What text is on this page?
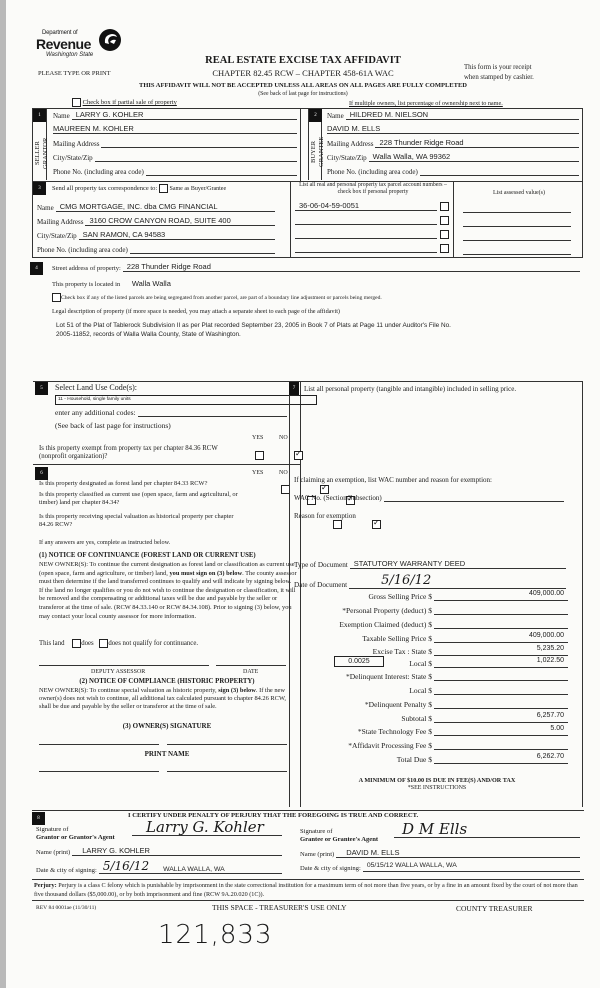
Department of
Revenue
Washington State
PLEASE TYPE OR PRINT
REAL ESTATE EXCISE TAX AFFIDAVIT
CHAPTER 82.45 RCW – CHAPTER 458-61A WAC
This form is your receipt
when stamped by cashier.
THIS AFFIDAVIT WILL NOT BE ACCEPTED UNLESS ALL AREAS ON ALL PAGES ARE FULLY COMPLETED
(See back of last page for instructions)
Check box if partial sale of property	If multiple owners, list percentage of ownership next to name.
1
SELLER
GRANTOR
Name LARRY G. KOHLER
MAUREEN M. KOHLER
Mailing Address
City/State/Zip
Phone No. (including area code)
2
BUYER
GRANTEE
Name HILDRED M. NIELSON
DAVID M. ELLS
Mailing Address 228 Thunder Ridge Road
City/State/Zip Walla Walla, WA 99362
Phone No. (including area code)
3	Send all property tax correspondence to: Same as Buyer/Grantee
Name CMG MORTGAGE, INC. dba CMG FINANCIAL
Mailing Address 3160 CROW CANYON ROAD, SUITE 400
City/State/Zip SAN RAMON, CA 94583
Phone No. (including area code)
List all real and personal property tax parcel account numbers – check box if personal property
36-06-04-59-0051
List assessed value(s)
4	Street address of property: 228 Thunder Ridge Road
This property is located in Walla Walla
Check box if any of the listed parcels are being segregated from another parcel, are part of a boundary line adjustment or parcels being merged.
Legal description of property (if more space is needed, you may attach a separate sheet to each page of the affidavit)
Lot 51 of the Plat of Tablerock Subdivision II as per Plat recorded September 23, 2005 in Book 7 of Plats at Page 11 under Auditor's File No. 2005-11852, records of Walla Walla County, State of Washington.
5	Select Land Use Code(s):
11 - Household, single family units
enter any additional codes:
(See back of last page for instructions)
YES	NO
Is this property exempt from property tax per chapter 84.36 RCW (nonprofit organization)?
✓
6	YES	NO
Is this property designated as forest land per chapter 84.33 RCW?
✓
Is this property classified as current use (open space, farm and agricultural, or timber) land per chapter 84.34?
✓
Is this property receiving special valuation as historical property per chapter 84.26 RCW?
✓
If any answers are yes, complete as instructed below.
(1) NOTICE OF CONTINUANCE (FOREST LAND OR CURRENT USE)
NEW OWNER(S): To continue the current designation as forest land or classification as current use (open space, farm and agriculture, or timber) land, you must sign on (3) below. The county assessor must then determine if the land transferred continues to qualify and will indicate by signing below. If the land no longer qualifies or you do not wish to continue the designation or classification, it will be removed and the compensating or additional taxes will be due and payable by the seller or transferor at the time of sale. (RCW 84.33.140 or RCW 84.34.108). Prior to signing (3) below, you may contact your local county assessor for more information.
This land does does not qualify for continuance.
DEPUTY ASSESSOR	DATE
(2) NOTICE OF COMPLIANCE (HISTORIC PROPERTY)
NEW OWNER(S): To continue special valuation as historic property, sign (3) below. If the new owner(s) does not wish to continue, all additional tax calculated pursuant to chapter 84.26 RCW, shall be due and payable by the seller or transferor at the time of sale.
(3) OWNER(S) SIGNATURE
PRINT NAME
7	List all personal property (tangible and intangible) included in selling price.
If claiming an exemption, list WAC number and reason for exemption:
WAC No. (Section/Subsection)
Reason for exemption
Type of Document STATUTORY WARRANTY DEED
Date of Document	5/16/12
Gross Selling Price $	409,000.00
*Personal Property (deduct) $
Exemption Claimed (deduct) $
Taxable Selling Price $	409,000.00
Excise Tax : State $	5,235.20
0.0025	Local $	1,022.50
*Delinquent Interest: State $
Local $
*Delinquent Penalty $
Subtotal $	6,257.70
*State Technology Fee $	5.00
*Affidavit Processing Fee $
Total Due $	6,262.70
A MINIMUM OF $10.00 IS DUE IN FEE(S) AND/OR TAX
*SEE INSTRUCTIONS
8	I CERTIFY UNDER PENALTY OF PERJURY THAT THE FOREGOING IS TRUE AND CORRECT.
Signature of
Grantor or Grantor's Agent
Larry G. Kohler
Name (print)	LARRY G. KOHLER
Date & city of signing: 5/16/12 WALLA WALLA, WA
Signature of
Grantee or Grantee's Agent
D M Ells
Name (print)	DAVID M. ELLS
Date & city of signing: 05/15/12 WALLA WALLA, WA
Perjury: Perjury is a class C felony which is punishable by imprisonment in the state correctional institution for a maximum term of not more than five years, or by a fine in an amount fixed by the court of not more than five thousand dollars ($5,000.00), or by both imprisonment and fine (RCW 9A.20.020 (1C)).
REV 84 0001ae (11/30/11)	THIS SPACE - TREASURER'S USE ONLY	COUNTY TREASURER
121,833
